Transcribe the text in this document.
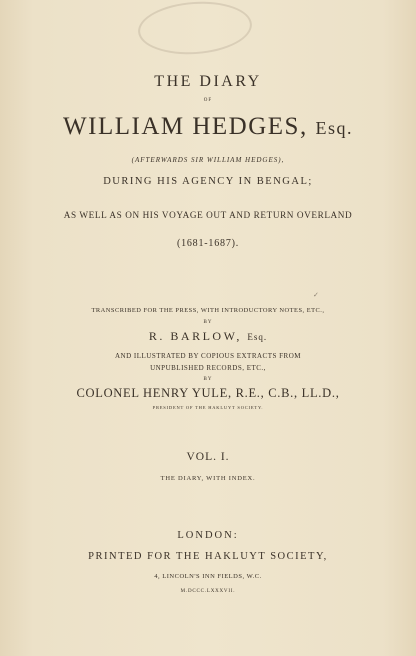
THE DIARY
OF
WILLIAM HEDGES, Esq.
(AFTERWARDS SIR WILLIAM HEDGES),
DURING HIS AGENCY IN BENGAL;
AS WELL AS ON HIS VOYAGE OUT AND RETURN OVERLAND
(1681-1687).
✓
TRANSCRIBED FOR THE PRESS, WITH INTRODUCTORY NOTES, ETC.,
BY
R. BARLOW, Esq.
AND ILLUSTRATED BY COPIOUS EXTRACTS FROM
UNPUBLISHED RECORDS, ETC.,
BY
COLONEL HENRY YULE, R.E., C.B., LL.D.,
PRESIDENT OF THE HAKLUYT SOCIETY.
VOL. I.
THE DIARY, WITH INDEX.
LONDON:
PRINTED FOR THE HAKLUYT SOCIETY,
4, LINCOLN'S INN FIELDS, W.C.
M.DCCC.LXXXVII.
